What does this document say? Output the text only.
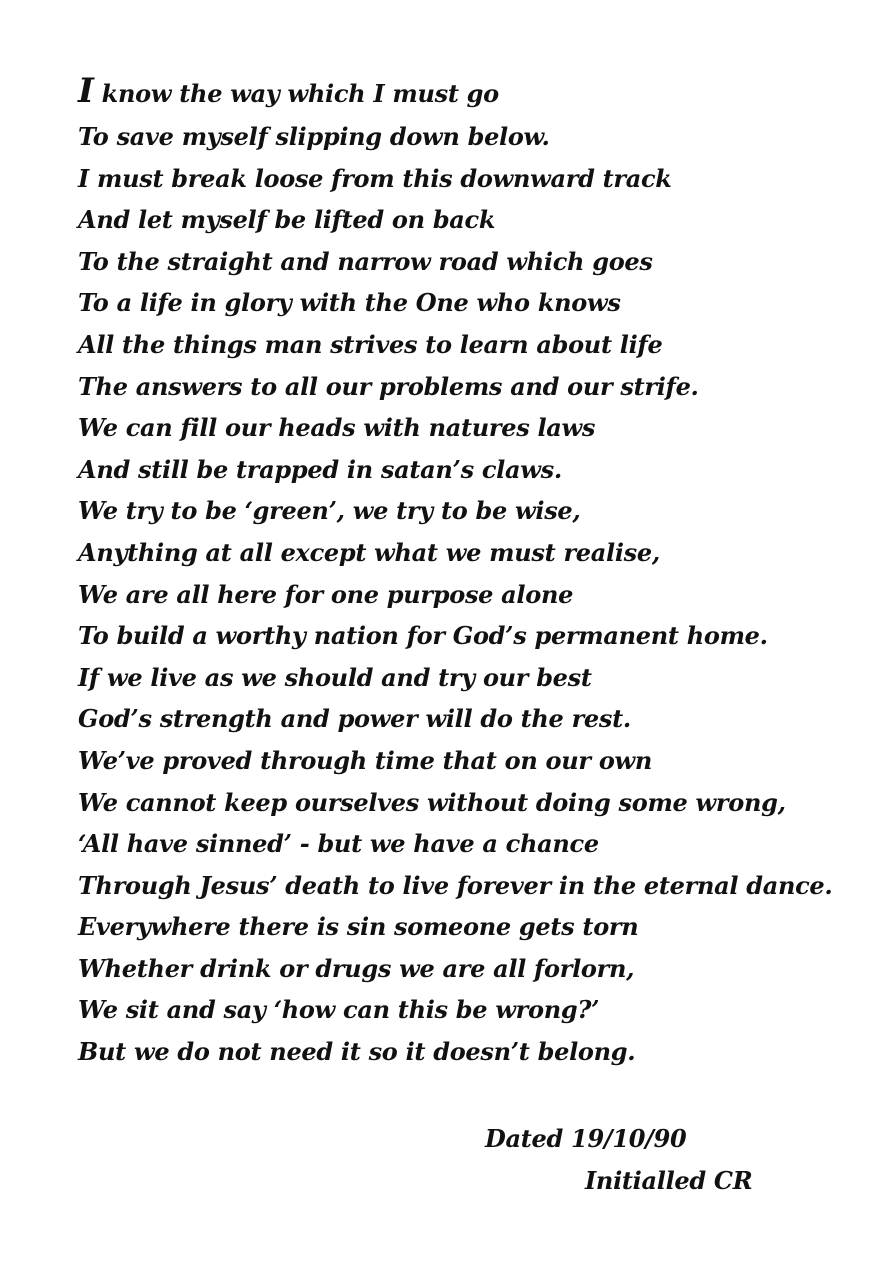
I know the way which I must go
To save myself slipping down below.
I must break loose from this downward track
And let myself be lifted on back
To the straight and narrow road which goes
To a life in glory with the One who knows
All the things man strives to learn about life
The answers to all our problems and our strife.
We can fill our heads with natures laws
And still be trapped in satan’s claws.
We try to be ‘green’, we try to be wise,
Anything at all except what we must realise,
We are all here for one purpose alone
To build a worthy nation for God’s permanent home.
If we live as we should and try our best
God’s strength and power will do the rest.
We’ve proved through time that on our own
We cannot keep ourselves without doing some wrong,
‘All have sinned’ - but we have a chance
Through Jesus’ death to live forever in the eternal dance.
Everywhere there is sin someone gets torn
Whether drink or drugs we are all forlorn,
We sit and say ‘how can this be wrong?’
But we do not need it so it doesn’t belong.
Dated 19/10/90
Initialled CR
